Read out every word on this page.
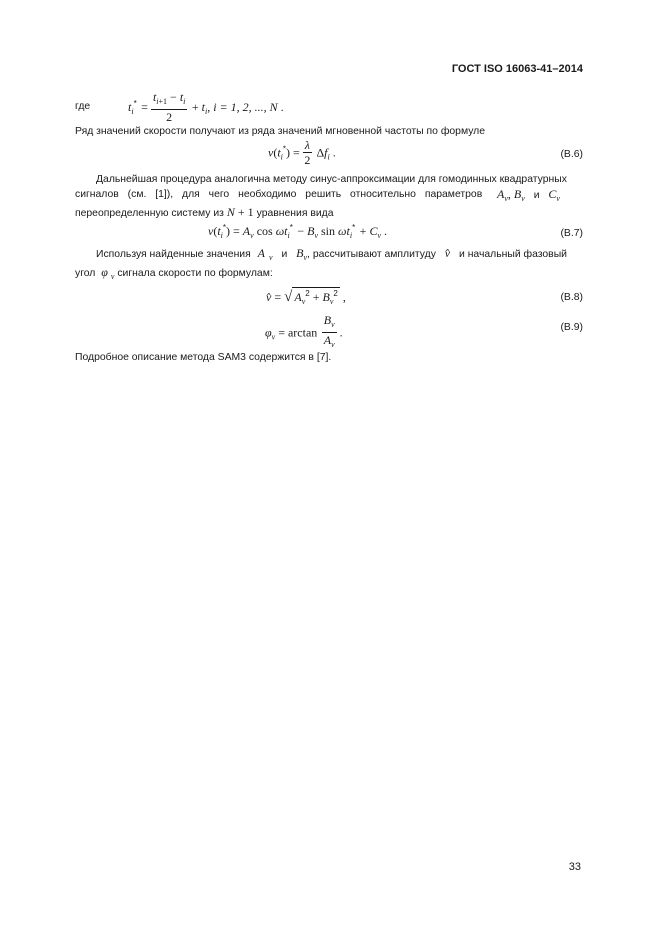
ГОСТ ISO 16063-41–2014
где	$t_i^* = \frac{t_{i+1} - t_i}{2} + t_i$, i = 1, 2, ..., N .
Ряд значений скорости получают из ряда значений мгновенной частоты по формуле
$v(t_i^*) = \frac{\lambda}{2} \Delta f_i$ .	(В.6)
Дальнейшая процедура аналогична методу синус-аппроксимации для гомодинных квадратурных
сигналов (см. [1]), для чего необходимо решить относительно параметров $A_v$, $B_v$ и $C_v$
переопределенную систему из N + 1 уравнения вида
$v(t_i^*) = A_v$ $\cos \omega t_i^* - B_v$ $\sin \omega t_i^* + C_v$ .	(В.7)
Используя найденные значения A $_v$ и $B_v$, рассчитывают амплитуду v̂ и начальный фазовый
угол φ $_v$ сигнала скорости по формулам:
v̂ = √ $A_v^2 + B_v^2$ ,	(В.8)
$\varphi_v = \arctan \frac{B_v}{A_v}$ .	(В.9)
Подробное описание метода SAM3 содержится в [7].
33
